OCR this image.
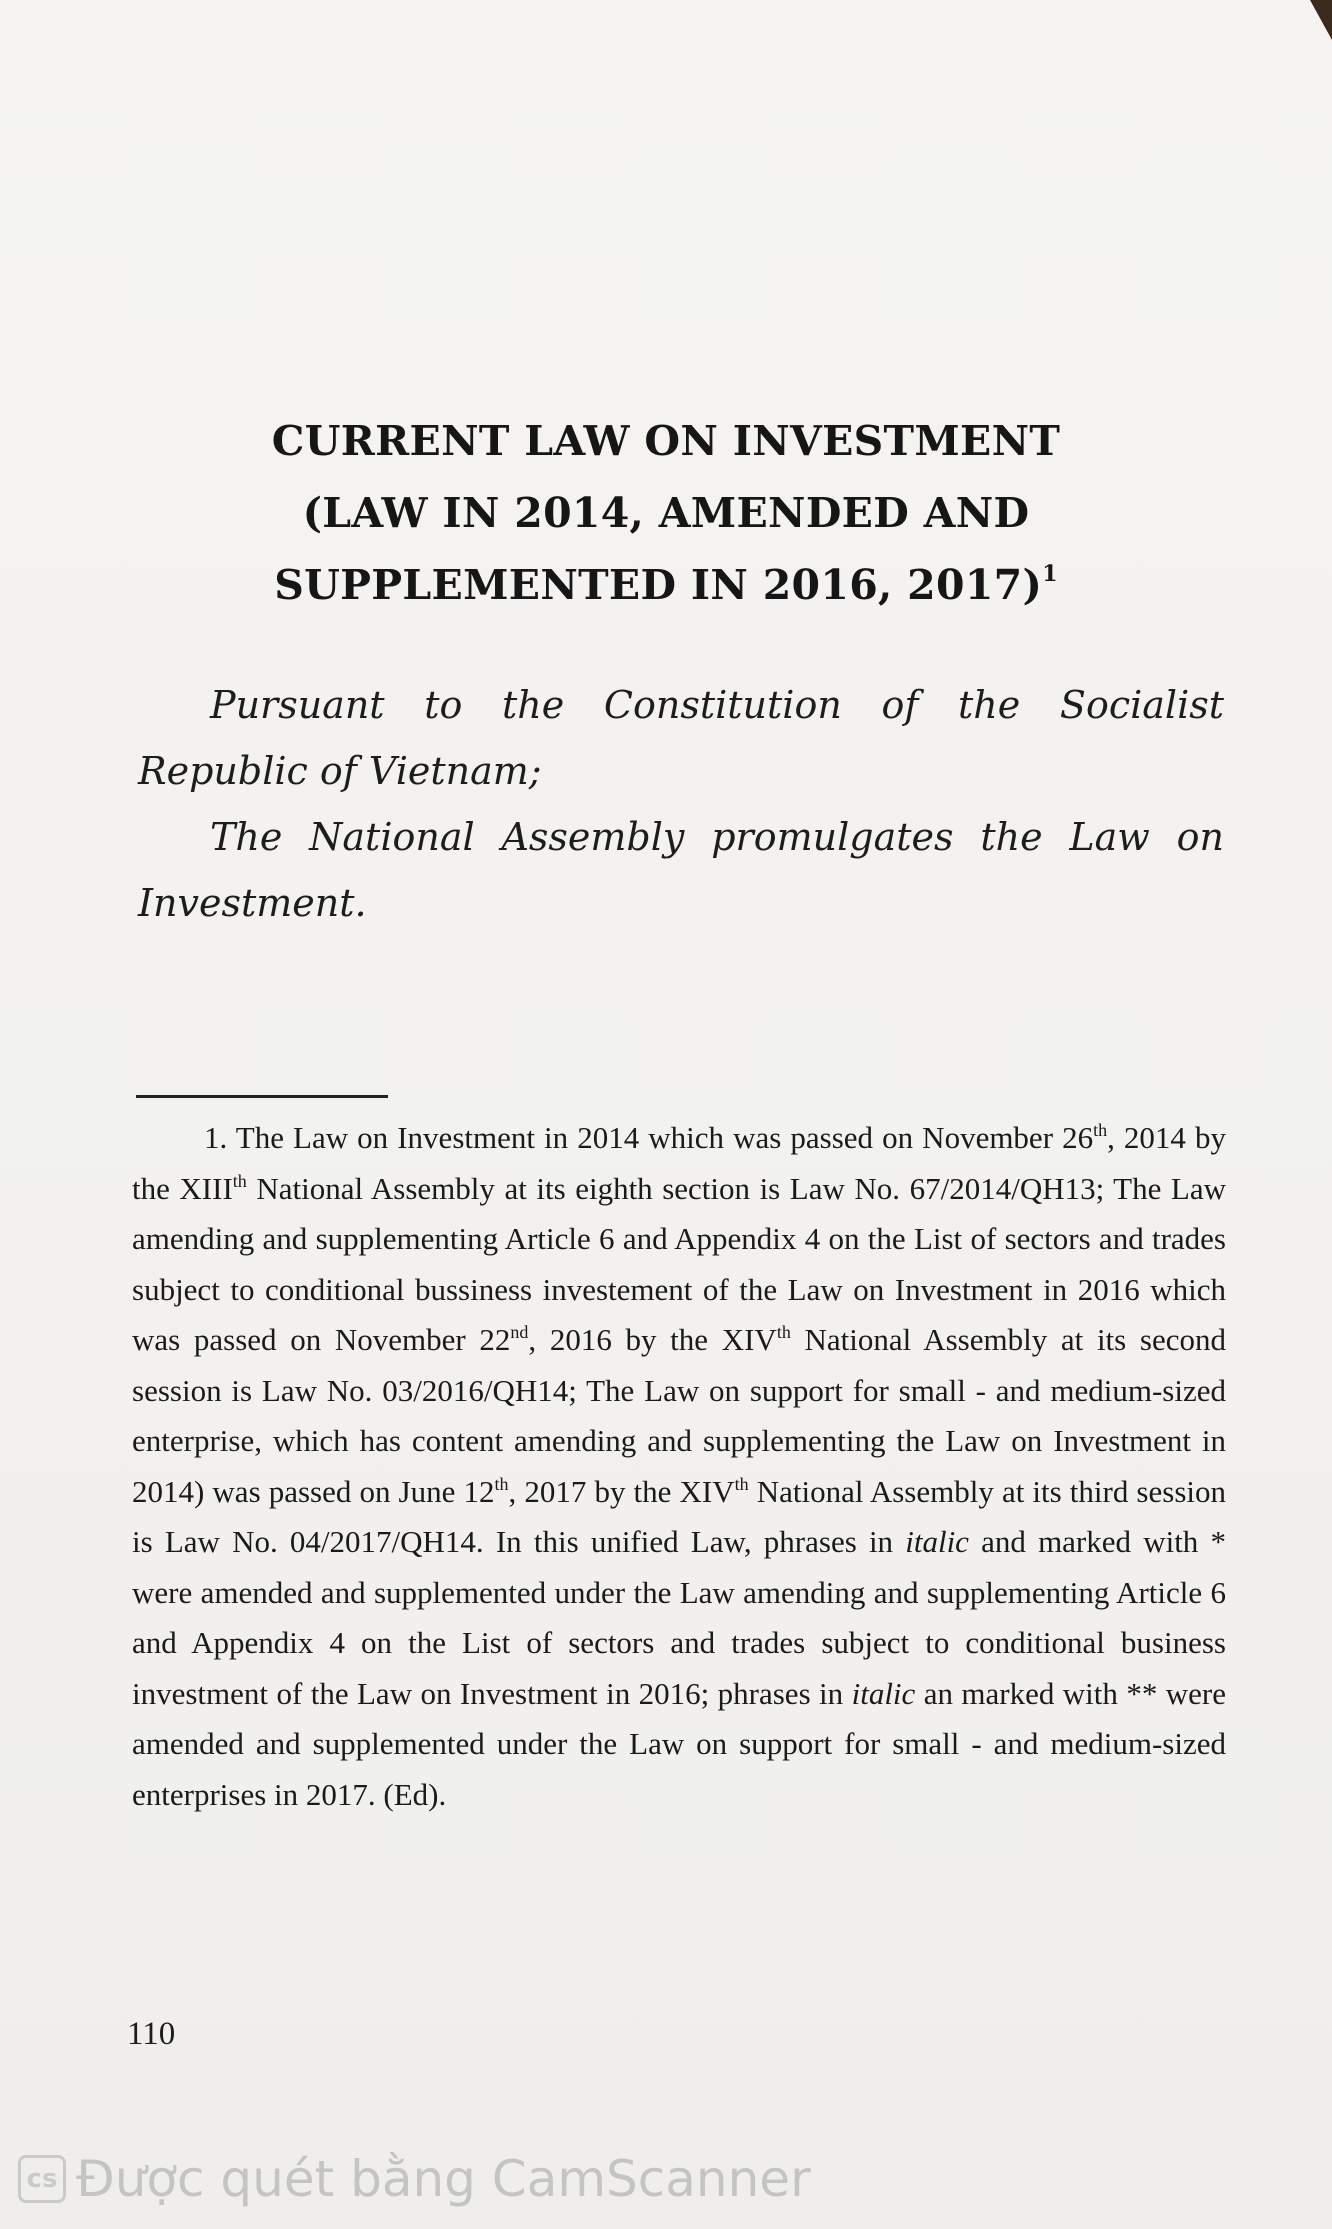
CURRENT LAW ON INVESTMENT
(LAW IN 2014, AMENDED AND
SUPPLEMENTED IN 2016, 2017)$^1$

Pursuant to the Constitution of the Socialist Republic of Vietnam;

The National Assembly promulgates the Law on Investment.

1. The Law on Investment in 2014 which was passed on November 26th, 2014 by the XIIIth National Assembly at its eighth section is Law No. 67/2014/QH13; The Law amending and supplementing Article 6 and Appendix 4 on the List of sectors and trades subject to conditional bussiness investement of the Law on Investment in 2016 which was passed on November 22nd, 2016 by the XIVth National Assembly at its second session is Law No. 03/2016/QH14; The Law on support for small - and medium-sized enterprise, which has content amending and supplementing the Law on Investment in 2014) was passed on June 12th, 2017 by the XIVth National Assembly at its third session is Law No. 04/2017/QH14. In this unified Law, phrases in italic and marked with * were amended and supplemented under the Law amending and supplementing Article 6 and Appendix 4 on the List of sectors and trades subject to conditional business investment of the Law on Investment in 2016; phrases in italic an marked with ** were amended and supplemented under the Law on support for small - and medium-sized enterprises in 2017. (Ed).
110
cs Được quét bằng CamScanner
